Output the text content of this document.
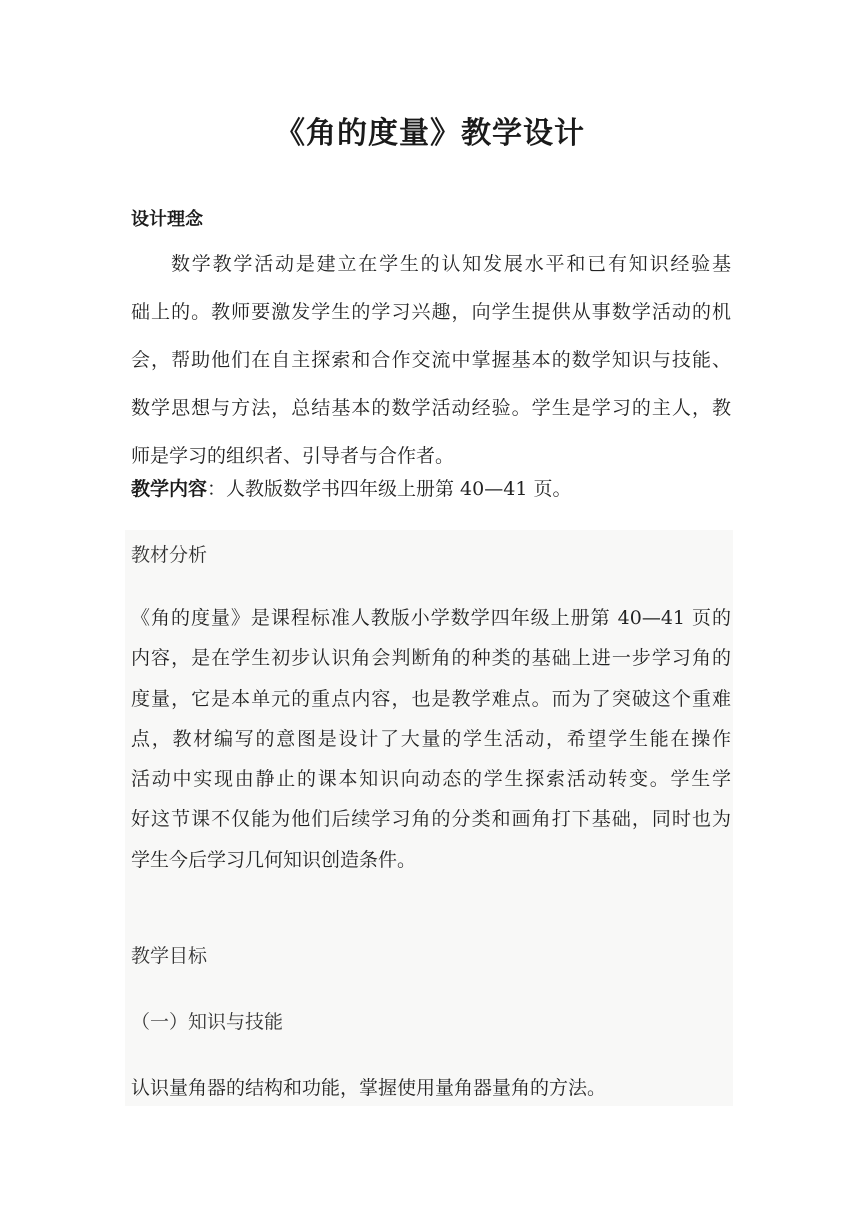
《角的度量》教学设计
设计理念
数学教学活动是建立在学生的认知发展水平和已有知识经验基
础上的。教师要激发学生的学习兴趣，向学生提供从事数学活动的机
会，帮助他们在自主探索和合作交流中掌握基本的数学知识与技能、
数学思想与方法，总结基本的数学活动经验。学生是学习的主人，教
师是学习的组织者、引导者与合作者。
教学内容：人教版数学书四年级上册第 40—41 页。
教材分析
《角的度量》是课程标准人教版小学数学四年级上册第 40—41 页的
内容，是在学生初步认识角会判断角的种类的基础上进一步学习角的
度量，它是本单元的重点内容，也是教学难点。而为了突破这个重难
点，教材编写的意图是设计了大量的学生活动，希望学生能在操作
活动中实现由静止的课本知识向动态的学生探索活动转变。学生学
好这节课不仅能为他们后续学习角的分类和画角打下基础，同时也为
学生今后学习几何知识创造条件。
教学目标
（一）知识与技能
认识量角器的结构和功能，掌握使用量角器量角的方法。
